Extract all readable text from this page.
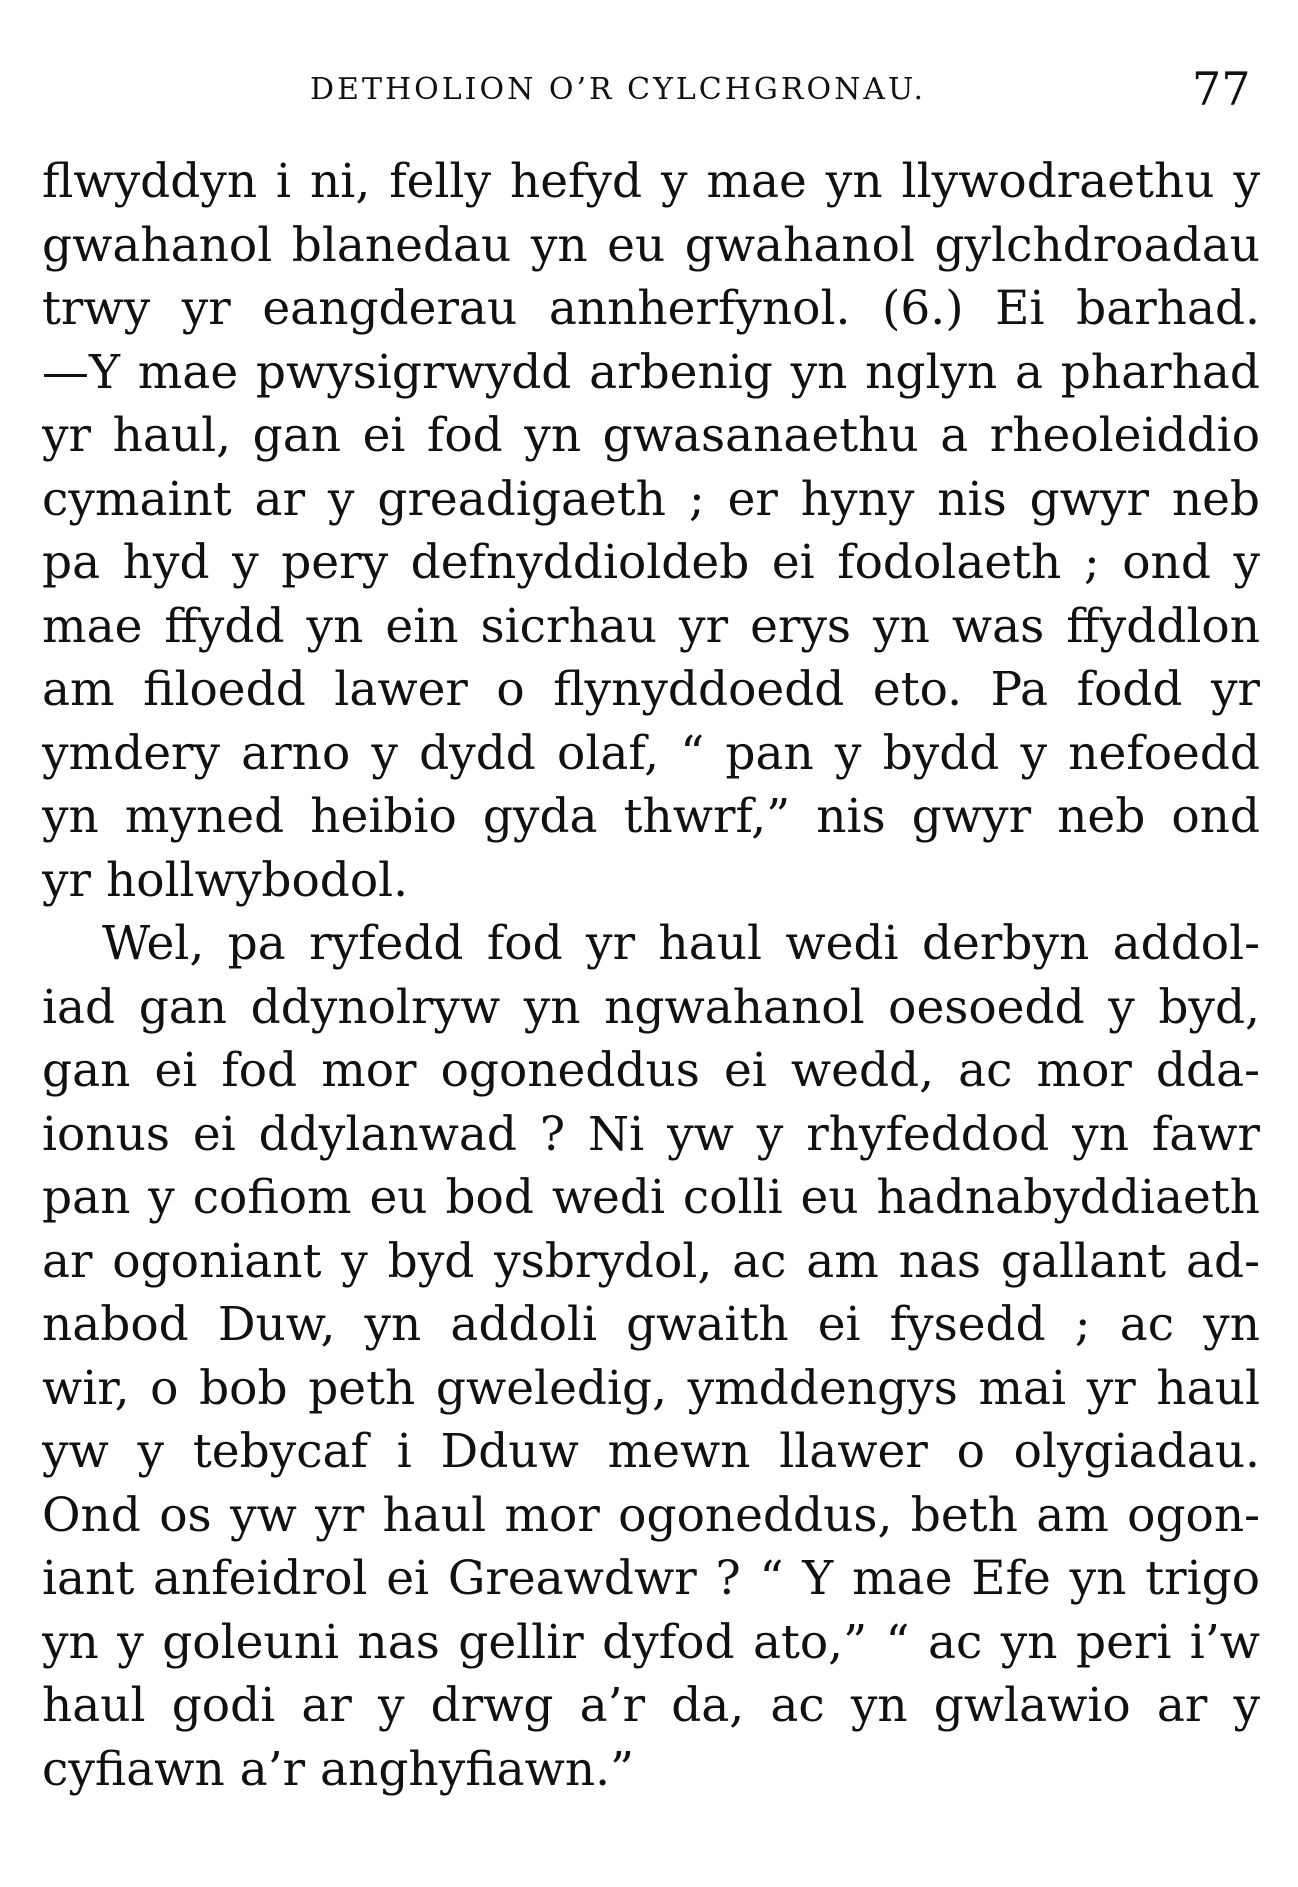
DETHOLION O’R CYLCHGRONAU.	77
flwyddyn i ni, felly hefyd y mae yn llywodraethu y
gwahanol blanedau yn eu gwahanol gylchdroadau
trwy yr eangderau annherfynol. (6.) Ei barhad.
—Y mae pwysigrwydd arbenig yn nglyn a pharhad
yr haul, gan ei fod yn gwasanaethu a rheoleiddio
cymaint ar y greadigaeth ; er hyny nis gwyr neb
pa hyd y pery defnyddioldeb ei fodolaeth ; ond y
mae ffydd yn ein sicrhau yr erys yn was ffyddlon
am filoedd lawer o flynyddoedd eto. Pa fodd yr
ymdery arno y dydd olaf, “ pan y bydd y nefoedd
yn myned heibio gyda thwrf,” nis gwyr neb ond
yr hollwybodol.
Wel, pa ryfedd fod yr haul wedi derbyn addol-
iad gan ddynolryw yn ngwahanol oesoedd y byd,
gan ei fod mor ogoneddus ei wedd, ac mor dda-
ionus ei ddylanwad ? Ni yw y rhyfeddod yn fawr
pan y cofiom eu bod wedi colli eu hadnabyddiaeth
ar ogoniant y byd ysbrydol, ac am nas gallant ad-
nabod Duw, yn addoli gwaith ei fysedd ; ac yn
wir, o bob peth gweledig, ymddengys mai yr haul
yw y tebycaf i Dduw mewn llawer o olygiadau.
Ond os yw yr haul mor ogoneddus, beth am ogon-
iant anfeidrol ei Greawdwr ? “ Y mae Efe yn trigo
yn y goleuni nas gellir dyfod ato,” “ ac yn peri i’w
haul godi ar y drwg a’r da, ac yn gwlawio ar y
cyfiawn a’r anghyfiawn.”
